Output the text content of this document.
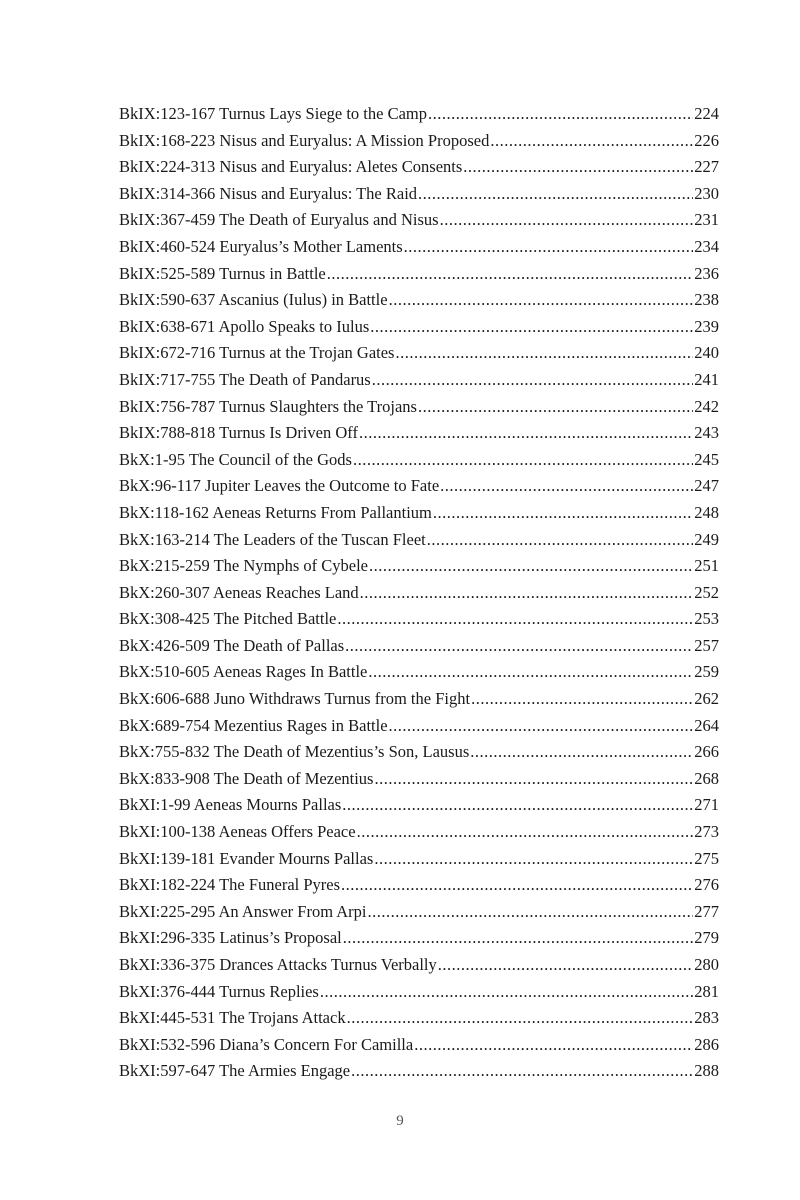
BkIX:123-167 Turnus Lays Siege to the Camp .....	224
BkIX:168-223 Nisus and Euryalus: A Mission Proposed .....	226
BkIX:224-313 Nisus and Euryalus: Aletes Consents .....	227
BkIX:314-366 Nisus and Euryalus: The Raid .....	230
BkIX:367-459 The Death of Euryalus and Nisus .....	231
BkIX:460-524 Euryalus’s Mother Laments .....	234
BkIX:525-589 Turnus in Battle .....	236
BkIX:590-637 Ascanius (Iulus) in Battle .....	238
BkIX:638-671 Apollo Speaks to Iulus .....	239
BkIX:672-716 Turnus at the Trojan Gates .....	240
BkIX:717-755 The Death of Pandarus .....	241
BkIX:756-787 Turnus Slaughters the Trojans .....	242
BkIX:788-818 Turnus Is Driven Off .....	243
BkX:1-95 The Council of the Gods .....	245
BkX:96-117 Jupiter Leaves the Outcome to Fate .....	247
BkX:118-162 Aeneas Returns From Pallantium .....	248
BkX:163-214 The Leaders of the Tuscan Fleet .....	249
BkX:215-259 The Nymphs of Cybele .....	251
BkX:260-307 Aeneas Reaches Land .....	252
BkX:308-425 The Pitched Battle .....	253
BkX:426-509 The Death of Pallas .....	257
BkX:510-605 Aeneas Rages In Battle .....	259
BkX:606-688 Juno Withdraws Turnus from the Fight .....	262
BkX:689-754 Mezentius Rages in Battle .....	264
BkX:755-832 The Death of Mezentius’s Son, Lausus .....	266
BkX:833-908 The Death of Mezentius .....	268
BkXI:1-99 Aeneas Mourns Pallas .....	271
BkXI:100-138 Aeneas Offers Peace .....	273
BkXI:139-181 Evander Mourns Pallas .....	275
BkXI:182-224 The Funeral Pyres .....	276
BkXI:225-295 An Answer From Arpi .....	277
BkXI:296-335 Latinus’s Proposal .....	279
BkXI:336-375 Drances Attacks Turnus Verbally .....	280
BkXI:376-444 Turnus Replies .....	281
BkXI:445-531 The Trojans Attack .....	283
BkXI:532-596 Diana’s Concern For Camilla .....	286
BkXI:597-647 The Armies Engage .....	288
9
